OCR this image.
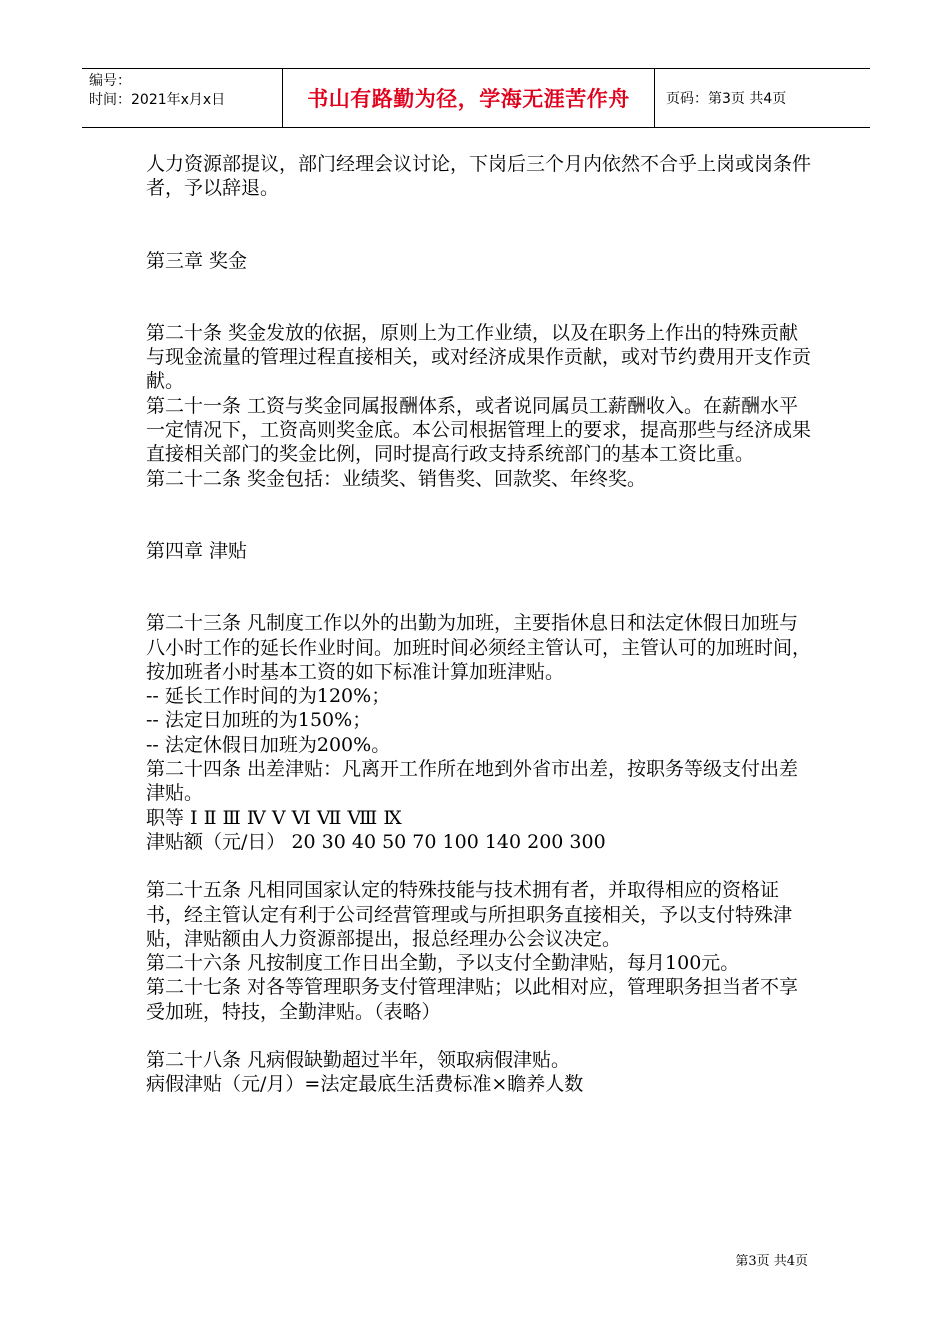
编号：
时间：2021年x月x日	书山有路勤为径，学海无涯苦作舟	页码：第3页 共4页

人力资源部提议，部门经理会议讨论，下岗后三个月内依然不合乎上岗或岗条件者，予以辞退。

第三章 奖金

第二十条 奖金发放的依据，原则上为工作业绩，以及在职务上作出的特殊贡献与现金流量的管理过程直接相关，或对经济成果作贡献，或对节约费用开支作贡献。

第二十一条 工资与奖金同属报酬体系，或者说同属员工薪酬收入。在薪酬水平一定情况下，工资高则奖金底。本公司根据管理上的要求，提高那些与经济成果直接相关部门的奖金比例，同时提高行政支持系统部门的基本工资比重。

第二十二条 奖金包括：业绩奖、销售奖、回款奖、年终奖。

第四章 津贴

第二十三条 凡制度工作以外的出勤为加班，主要指休息日和法定休假日加班与八小时工作的延长作业时间。加班时间必须经主管认可，主管认可的加班时间，按加班者小时基本工资的如下标准计算加班津贴。

-- 延长工作时间的为120%；

-- 法定日加班的为150%；

-- 法定休假日加班为200%。

第二十四条 出差津贴：凡离开工作所在地到外省市出差，按职务等级支付出差津贴。

职等 Ⅰ Ⅱ Ⅲ Ⅳ Ⅴ Ⅵ Ⅶ Ⅷ Ⅸ

津贴额（元/日） 20 30 40 50 70 100 140 200 300

第二十五条 凡相同国家认定的特殊技能与技术拥有者，并取得相应的资格证书，经主管认定有利于公司经营管理或与所担职务直接相关，予以支付特殊津贴，津贴额由人力资源部提出，报总经理办公会议决定。

第二十六条 凡按制度工作日出全勤，予以支付全勤津贴，每月100元。

第二十七条 对各等管理职务支付管理津贴；以此相对应，管理职务担当者不享受加班，特技，全勤津贴。（表略）

第二十八条 凡病假缺勤超过半年，领取病假津贴。

病假津贴（元/月）=法定最底生活费标准×瞻养人数

第3页 共4页
